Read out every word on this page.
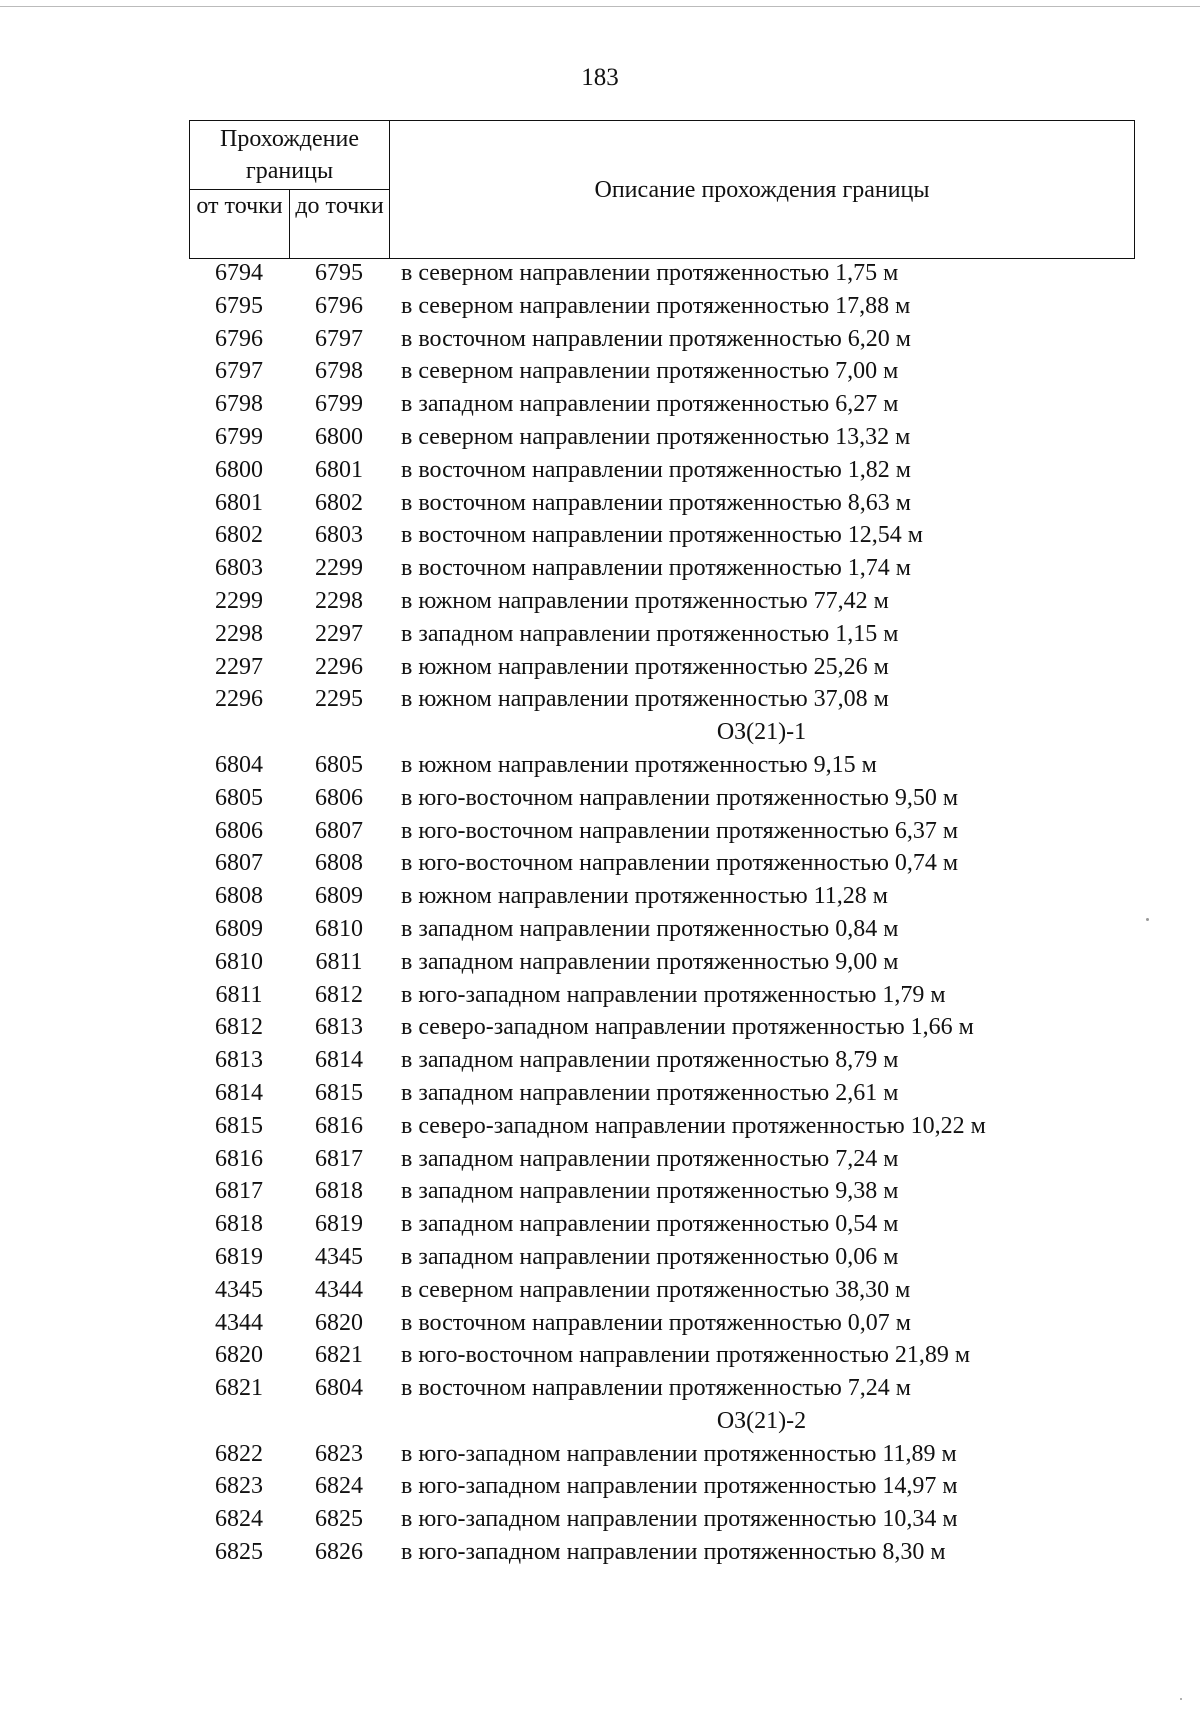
183
Прохождение границы		Описание прохождения границы
от точки	до точки	
6794	6795	в северном направлении протяженностью 1,75 м
6795	6796	в северном направлении протяженностью 17,88 м
6796	6797	в восточном направлении протяженностью 6,20 м
6797	6798	в северном направлении протяженностью 7,00 м
6798	6799	в западном направлении протяженностью 6,27 м
6799	6800	в северном направлении протяженностью 13,32 м
6800	6801	в восточном направлении протяженностью 1,82 м
6801	6802	в восточном направлении протяженностью 8,63 м
6802	6803	в восточном направлении протяженностью 12,54 м
6803	2299	в восточном направлении протяженностью 1,74 м
2299	2298	в южном направлении протяженностью 77,42 м
2298	2297	в западном направлении протяженностью 1,15 м
2297	2296	в южном направлении протяженностью 25,26 м
2296	2295	в южном направлении протяженностью 37,08 м
ОЗ(21)-1
6804	6805	в южном направлении протяженностью 9,15 м
6805	6806	в юго-восточном направлении протяженностью 9,50 м
6806	6807	в юго-восточном направлении протяженностью 6,37 м
6807	6808	в юго-восточном направлении протяженностью 0,74 м
6808	6809	в южном направлении протяженностью 11,28 м
6809	6810	в западном направлении протяженностью 0,84 м
6810	6811	в западном направлении протяженностью 9,00 м
6811	6812	в юго-западном направлении протяженностью 1,79 м
6812	6813	в северо-западном направлении протяженностью 1,66 м
6813	6814	в западном направлении протяженностью 8,79 м
6814	6815	в западном направлении протяженностью 2,61 м
6815	6816	в северо-западном направлении протяженностью 10,22 м
6816	6817	в западном направлении протяженностью 7,24 м
6817	6818	в западном направлении протяженностью 9,38 м
6818	6819	в западном направлении протяженностью 0,54 м
6819	4345	в западном направлении протяженностью 0,06 м
4345	4344	в северном направлении протяженностью 38,30 м
4344	6820	в восточном направлении протяженностью 0,07 м
6820	6821	в юго-восточном направлении протяженностью 21,89 м
6821	6804	в восточном направлении протяженностью 7,24 м
ОЗ(21)-2
6822	6823	в юго-западном направлении протяженностью 11,89 м
6823	6824	в юго-западном направлении протяженностью 14,97 м
6824	6825	в юго-западном направлении протяженностью 10,34 м
6825	6826	в юго-западном направлении протяженностью 8,30 м
